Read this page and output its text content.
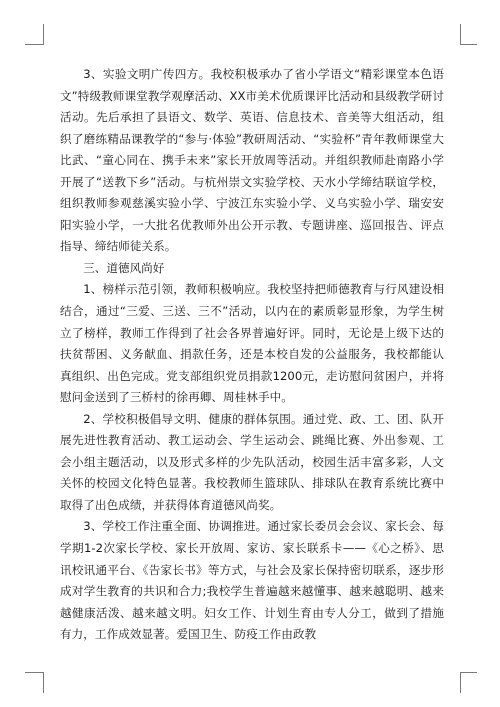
3、实验文明广传四方。我校积极承办了省小学语文“精彩课堂本色语文”特级教师课堂教学观摩活动、XX市美术优质课评比活动和县级教学研讨活动。先后承担了县语文、数学、英语、信息技术、音美等大组活动，组织了磨练精品课教学的“参与·体验”教研周活动、“实验杯”青年教师课堂大比武、“童心同在、携手未来”家长开放周等活动。并组织教师赴南路小学开展了“送教下乡”活动。与杭州崇文实验学校、天水小学缔结联谊学校，组织教师参观慈溪实验小学、宁波江东实验小学、义乌实验小学、瑞安安阳实验小学，一大批名优教师外出公开示教、专题讲座、巡回报告、评点指导、缔结师徒关系。

三、道德风尚好

1、榜样示范引领，教师积极响应。我校坚持把师德教育与行风建设相结合，通过“三爱、三送、三不”活动，以内在的素质彰显形象，为学生树立了榜样，教师工作得到了社会各界普遍好评。同时，无论是上级下达的扶贫帮困、义务献血、捐款任务，还是本校自发的公益服务，我校都能认真组织、出色完成。党支部组织党员捐款1200元，走访慰问贫困户，并将慰问金送到了三桥村的徐再卿、周桂林手中。

2、学校积极倡导文明、健康的群体氛围。通过党、政、工、团、队开展先进性教育活动、教工运动会、学生运动会、跳绳比赛、外出参观、工会小组主题活动，以及形式多样的少先队活动，校园生活丰富多彩，人文关怀的校园文化特色显著。我校教师生篮球队、排球队在教育系统比赛中取得了出色成绩，并获得体育道德风尚奖。

3、学校工作注重全面、协调推进。通过家长委员会会议、家长会、每学期1-2次家长学校、家长开放周、家访、家长联系卡——《心之桥》、思讯校讯通平台、《告家长书》等方式，与社会及家长保持密切联系，逐步形成对学生教育的共识和合力;我校学生普遍越来越懂事、越来越聪明、越来越健康活泼、越来越文明。妇女工作、计划生育由专人分工，做到了措施有力，工作成效显著。爱国卫生、防疫工作由政教
